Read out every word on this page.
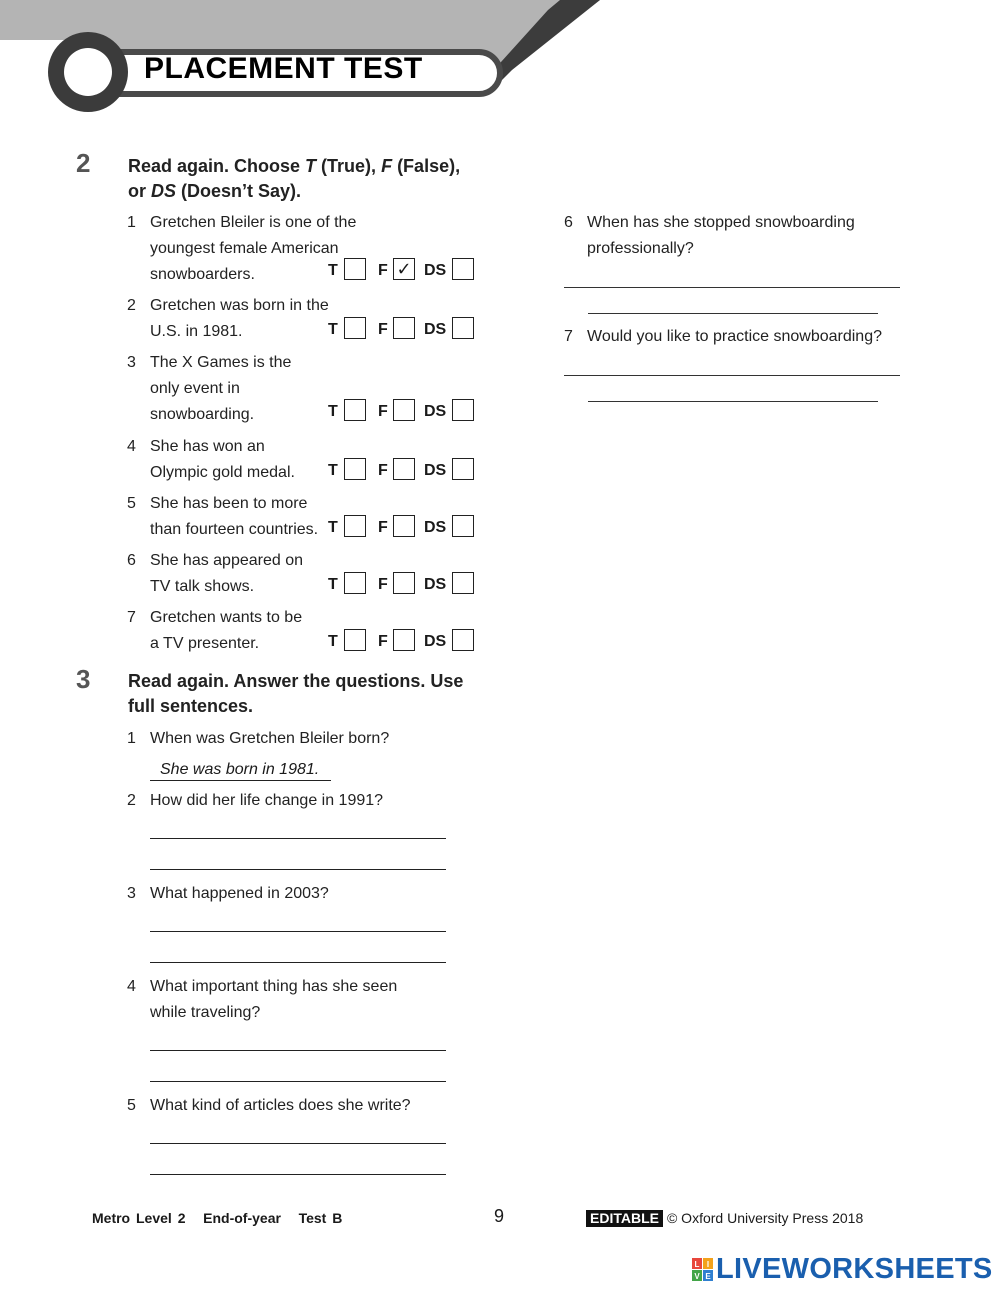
PLACEMENT TEST
2 Read again. Choose T (True), F (False),
or DS (Doesn’t Say).
1 Gretchen Bleiler is one of the
youngest female American
snowboarders.	T	F ✓ DS
2 Gretchen was born in the
U.S. in 1981.	T	F DS
3 The X Games is the
only event in
snowboarding.	T	F DS
4 She has won an
Olympic gold medal. T	F DS
5 She has been to more
than fourteen countries. T	F DS
6 She has appeared on
TV talk shows.	T	F DS
7 Gretchen wants to be
a TV presenter.	T	F DS
3 Read again. Answer the questions. Use
full sentences.
1 When was Gretchen Bleiler born?
She was born in 1981.
2 How did her life change in 1991?
3 What happened in 2003?
4 What important thing has she seen
while traveling?
5 What kind of articles does she write?
6 When has she stopped snowboarding
professionally?
7 Would you like to practice snowboarding?
Metro Level 2   End-of-year   Test B	9	EDITABLE © Oxford University Press 2018
L I
V E LIVEWORKSHEETS
